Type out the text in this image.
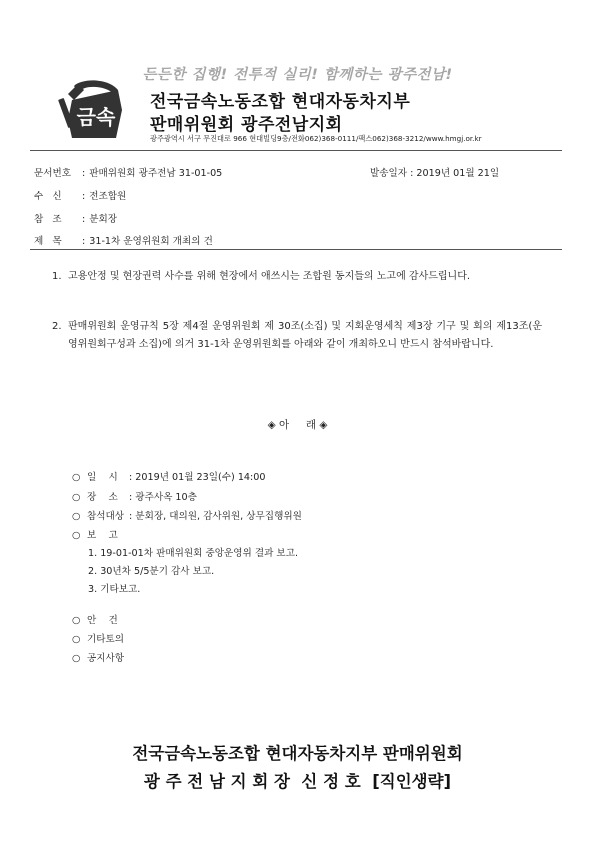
든든한 집행! 전투적 실리! 함께하는 광주전남!
금속
전국금속노동조합 현대자동차지부
판매위원회 광주전남지회
광주광역시 서구 무진대로 966 현대빌딩9층/전화062)368-0111/팩스062)368-3212/www.hmgj.or.kr
문서번호 : 판매위원회 광주전남 31-01-05	발송일자 : 2019년 01월 21일
수   신 : 전조합원
참   조 : 분회장
제   목 : 31-1차 운영위원회 개최의 건
1. 고용안정 및 현장권력 사수를 위해 현장에서 애쓰시는 조합원 동지들의 노고에 감사드립니다.
2. 판매위원회 운영규칙 5장 제4절 운영위원회 제 30조(소집) 및 지회운영세칙 제3장 기구 및 회의 제13조(운영위원회구성과 소집)에 의거 31-1차 운영위원회를 아래와 같이 개최하오니 반드시 참석바랍니다.
◈ 아     래 ◈
○ 일    시 : 2019년 01월 23일(수) 14:00
○ 장    소 : 광주사옥 10층
○ 참석대상 : 분회장, 대의원, 감사위원, 상무집행위원
○ 보    고
1. 19-01-01차 판매위원회 중앙운영위 결과 보고.
2. 30년차 5/5분기 감사 보고.
3. 기타보고.
○ 안    건
○ 기타토의
○ 공지사항
전국금속노동조합 현대자동차지부 판매위원회
광 주 전 남 지 회 장  신 정 호  [직인생략]
